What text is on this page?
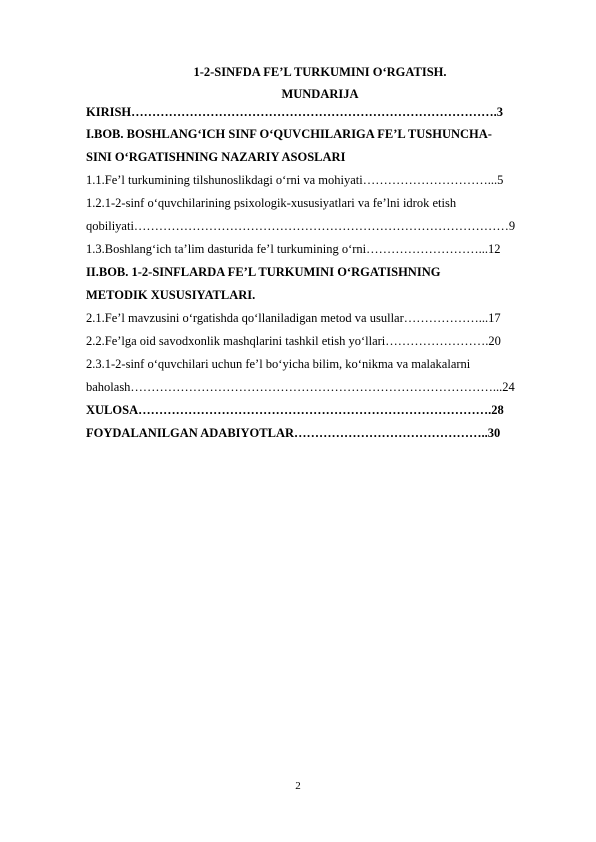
1-2-SINFDA FE’L TURKUMINI O‘RGATISH.
MUNDARIJA
KIRISH…………………………………………………………………………….3
I.BOB. BOSHLANG‘ICH SINF O‘QUVCHILARIGA FE’L TUSHUNCHA-
SINI O‘RGATISHNING NAZARIY ASOSLARI
1.1.Fe’l turkumining tilshunoslikdagi o‘rni va mohiyati…………………………...5
1.2.1-2-sinf o‘quvchilarining psixologik-xususiyatlari va fe’lni idrok etish
qobiliyati………………………………………………………………………………9
1.3.Boshlang‘ich ta’lim dasturida fe’l turkumining o‘rni………………………...12
II.BOB. 1-2-SINFLARDA FE’L TURKUMINI O‘RGATISHNING
METODIK XUSUSIYATLARI.
2.1.Fe’l mavzusini o‘rgatishda qo‘llaniladigan metod va usullar………………...17
2.2.Fe’lga oid savodxonlik mashqlarini tashkil etish yo‘llari…………………….20
2.3.1-2-sinf o‘quvchilari uchun fe’l bo‘yicha bilim, ko‘nikma va malakalarni
baholash……………………………………………………………………………...24
XULOSA………………………………………………………………………….28
FOYDALANILGAN ADABIYOTLAR………………………………………..30
2
